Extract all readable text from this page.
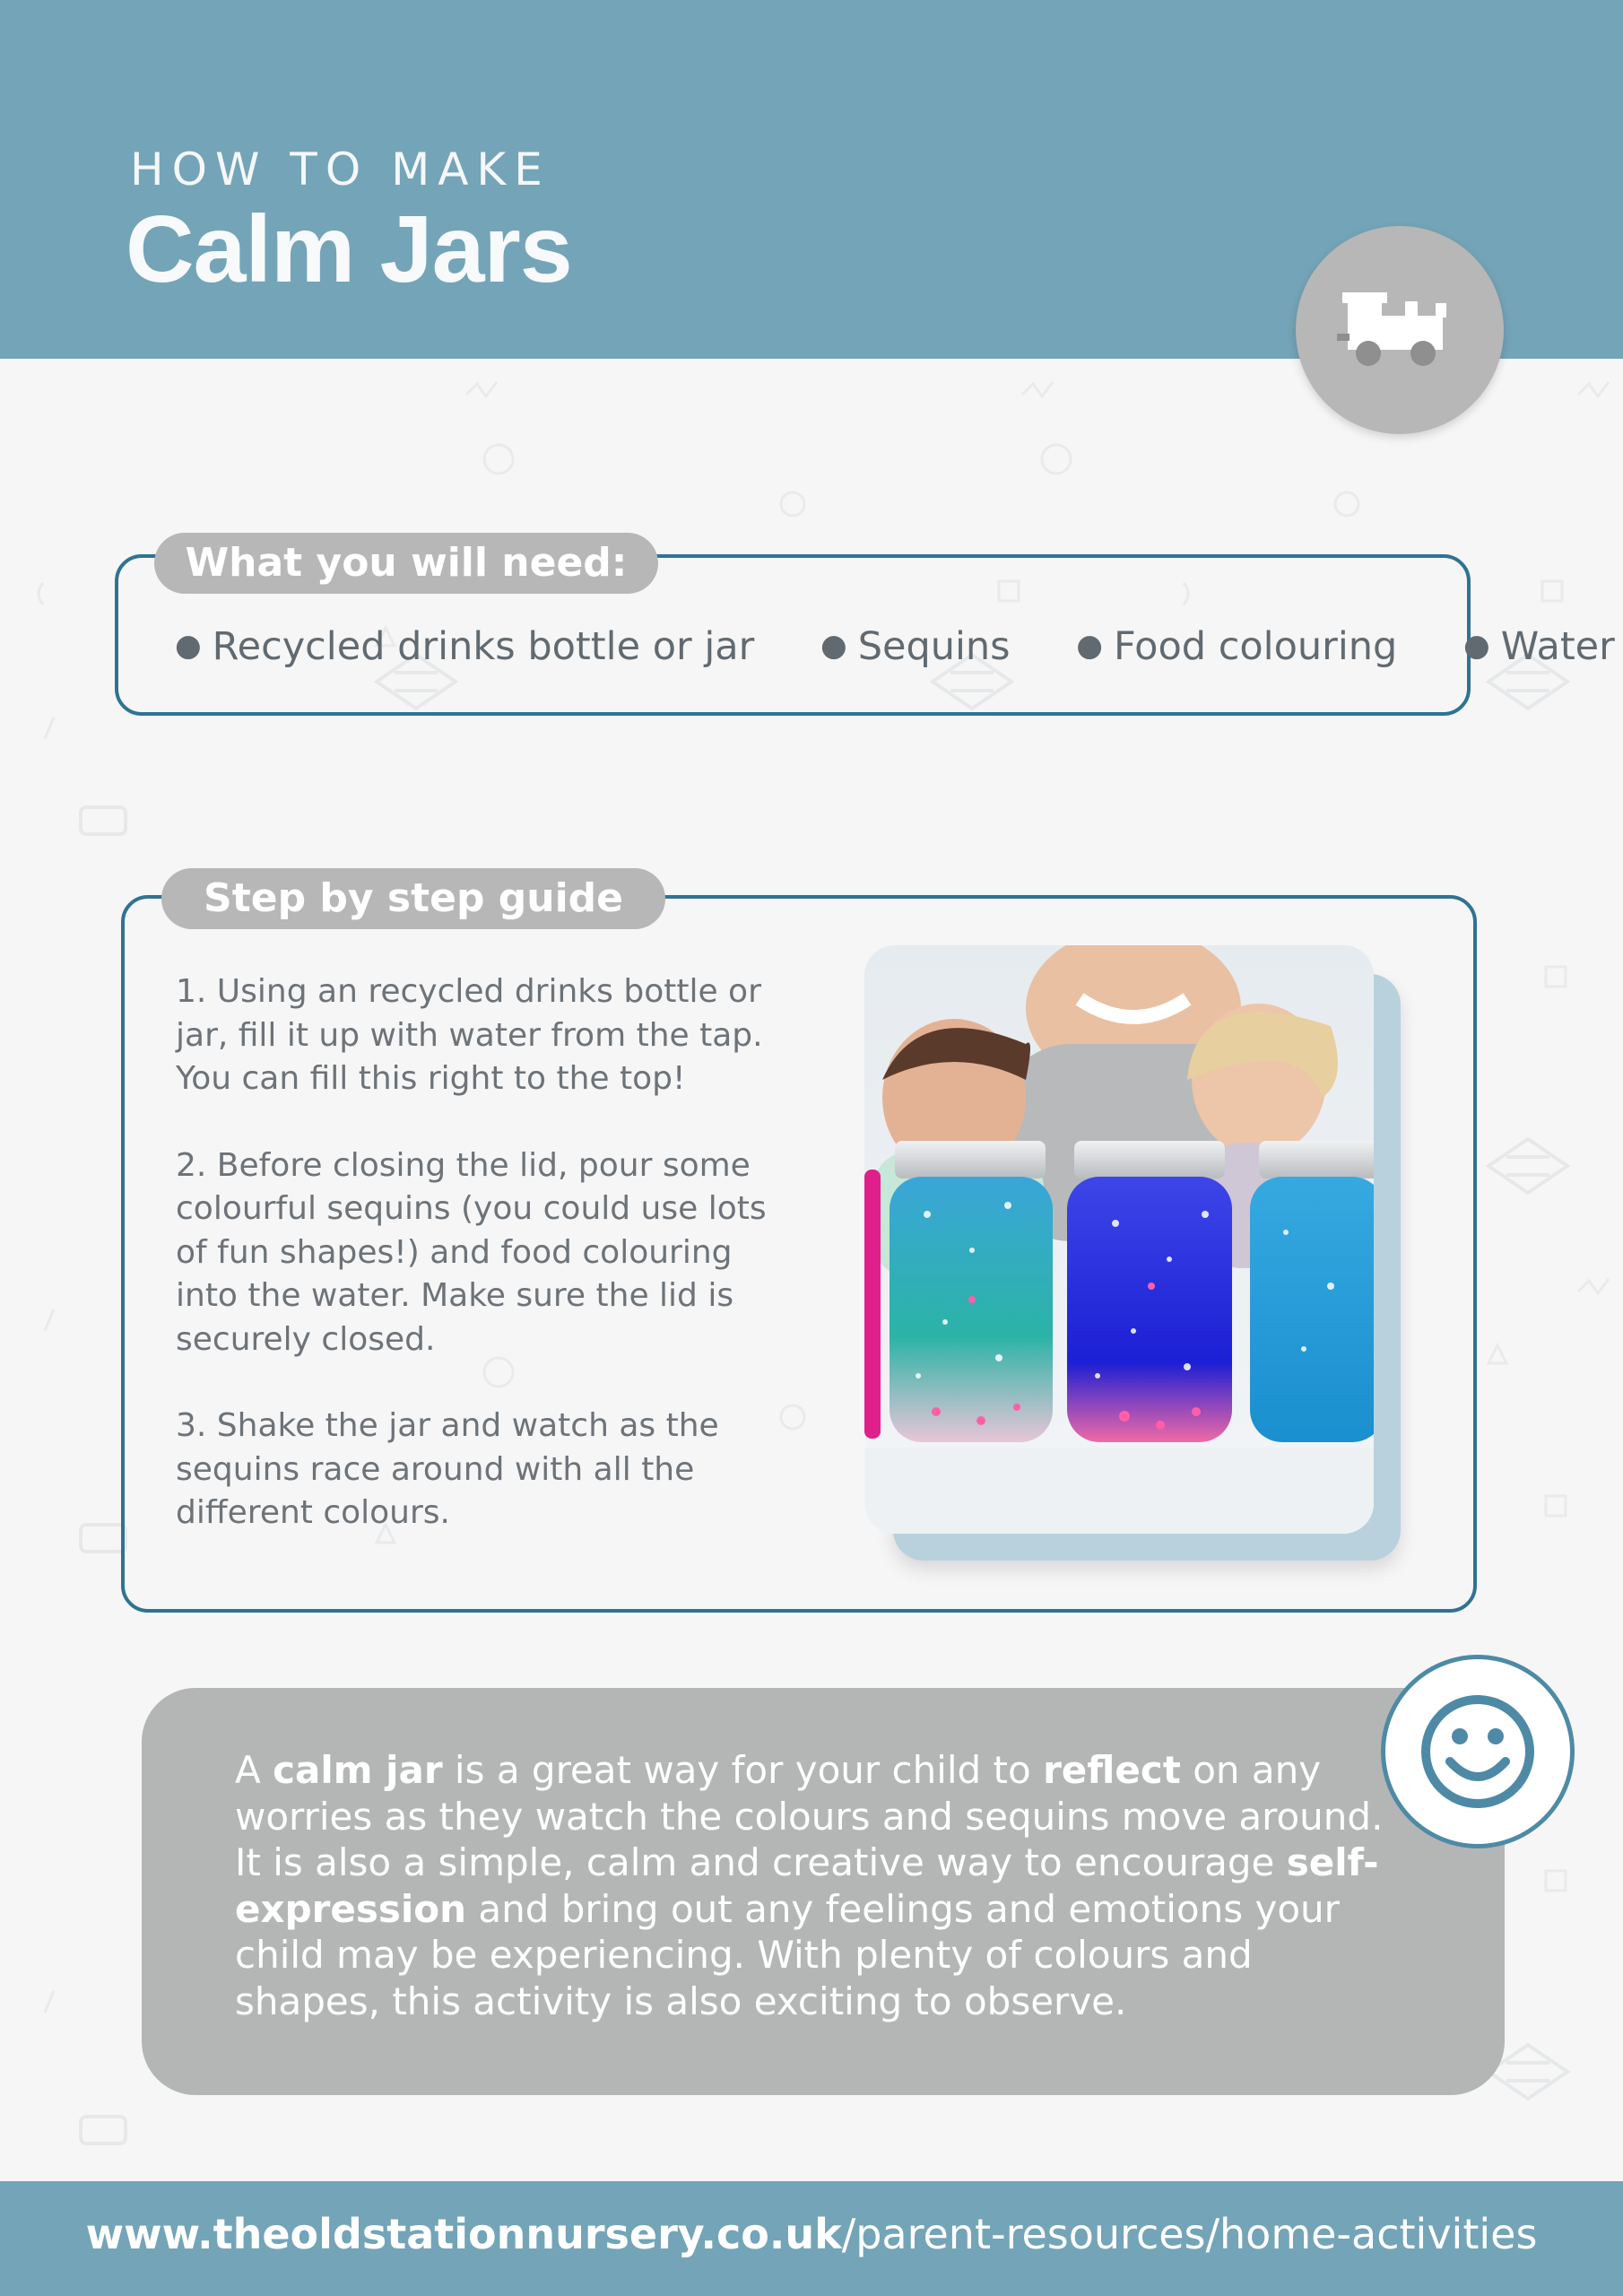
HOW TO MAKE
Calm Jars
What you will need:
● Recycled drinks bottle or jar ● Sequins ● Food colouring ● Water
Step by step guide

1. Using an recycled drinks bottle or jar, fill it up with water from the tap. You can fill this right to the top!

2. Before closing the lid, pour some colourful sequins (you could use lots of fun shapes!) and food colouring into the water. Make sure the lid is securely closed.

3. Shake the jar and watch as the sequins race around with all the different colours.

A calm jar is a great way for your child to reflect on any worries as they watch the colours and sequins move around. It is also a simple, calm and creative way to encourage self-expression and bring out any feelings and emotions your child may be experiencing. With plenty of colours and shapes, this activity is also exciting to observe.
www.theoldstationnursery.co.uk/parent-resources/home-activities
